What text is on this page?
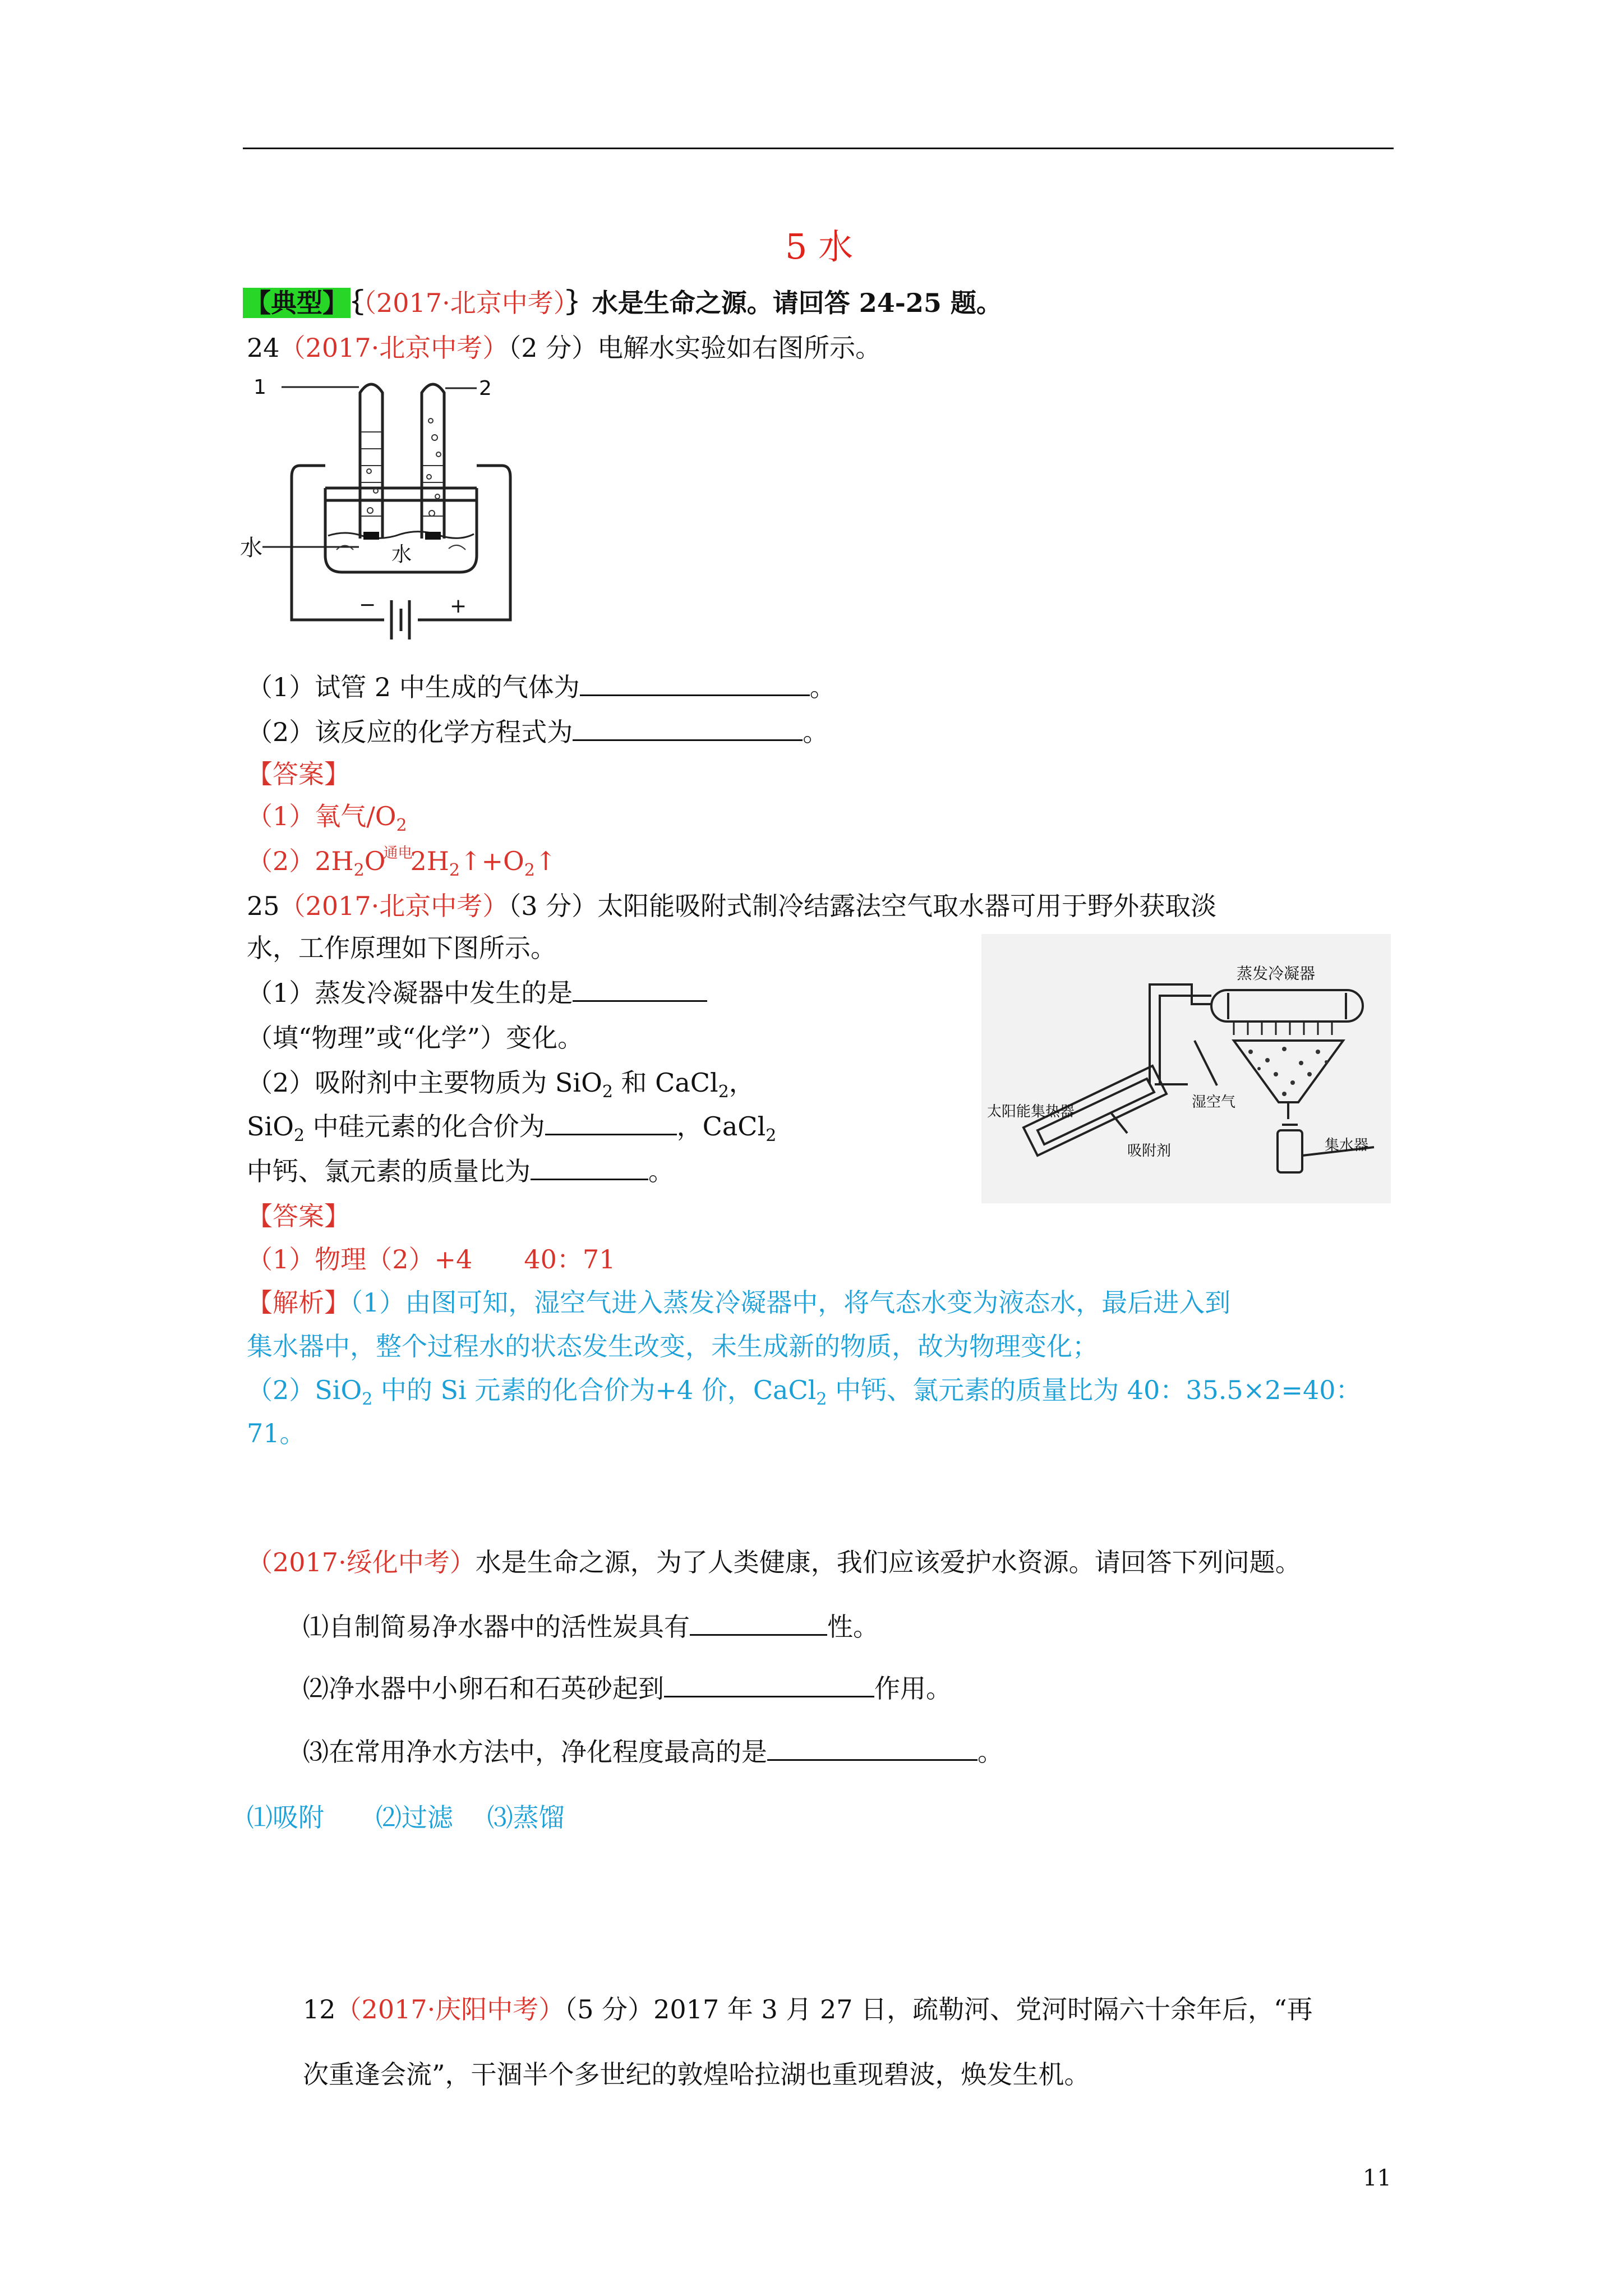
5 水
【典型】｛（2017·北京中考）｝水是生命之源。请回答 24-25 题。
24（2017·北京中考）（2 分）电解水实验如右图所示。
1	2
水	水
−	+
（1）试管 2 中生成的气体为	。
（2）该反应的化学方程式为	。
【答案】
（1）氧气$/O_2$
$(2)2H_2O^{通电}2H_2↑+O_2↑$
25（2017·北京中考）（3 分）太阳能吸附式制冷结露法空气取水器可用于野外获取淡
水，工作原理如下图所示。
（1）蒸发冷凝器中发生的是
（填“物理”或“化学”）变化。
（2）吸附剂中主要物质为 SiO$_2$ 和 CaCl$_2$，
SiO$_2$ 中硅元素的化合价为	，CaCl$_2$
中钙、氯元素的质量比为	。
蒸发冷凝器
太阳能集热器
湿空气
集水器
吸附剂
【答案】
（1）物理（2）+4　　40：71
【解析】（1）由图可知，湿空气进入蒸发冷凝器中，将气态水变为液态水，最后进入到
集水器中，整个过程水的状态发生改变，未生成新的物质，故为物理变化；
（2）SiO$_2$ 中的 Si 元素的化合价为+4 价，CaCl$_2$ 中钙、氯元素的质量比为 40：35.5×2=40：
71。
（2017·绥化中考）水是生命之源，为了人类健康，我们应该爱护水资源。请回答下列问题。
⑴自制简易净水器中的活性炭具有	性。
⑵净水器中小卵石和石英砂起到	作用。
⑶在常用净水方法中，净化程度最高的是	。
⑴吸附　　⑵过滤　 ⑶蒸馏
12（2017·庆阳中考）（5 分）2017 年 3 月 27 日，疏勒河、党河时隔六十余年后，“再
次重逢会流”，干涸半个多世纪的敦煌哈拉湖也重现碧波，焕发生机。
11
